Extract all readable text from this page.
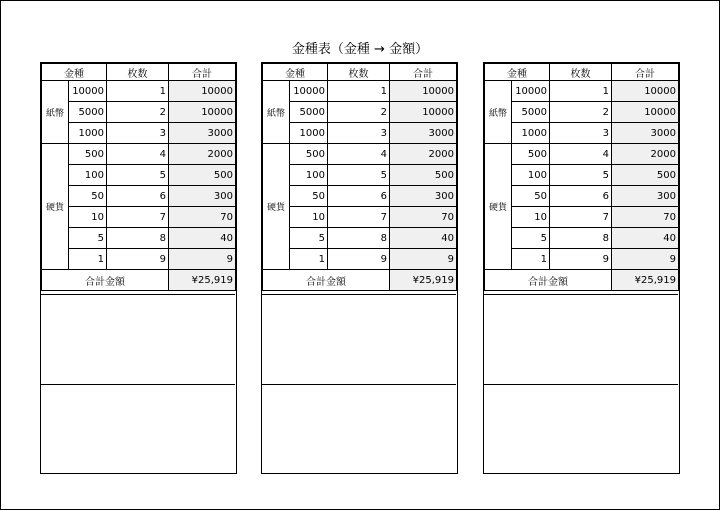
金種表（金種 → 金額）
金種		枚数	合計
紙幣	10000	1	10000
	5000	2	10000
	1000	3	3000
硬貨	500	4	2000
	100	5	500
	50	6	300
	10	7	70
	5	8	40
	1	9	9
合計金額			¥25,919
金種		枚数	合計
紙幣	10000	1	10000
	5000	2	10000
	1000	3	3000
硬貨	500	4	2000
	100	5	500
	50	6	300
	10	7	70
	5	8	40
	1	9	9
合計金額			¥25,919
金種		枚数	合計
紙幣	10000	1	10000
	5000	2	10000
	1000	3	3000
硬貨	500	4	2000
	100	5	500
	50	6	300
	10	7	70
	5	8	40
	1	9	9
合計金額			¥25,919
